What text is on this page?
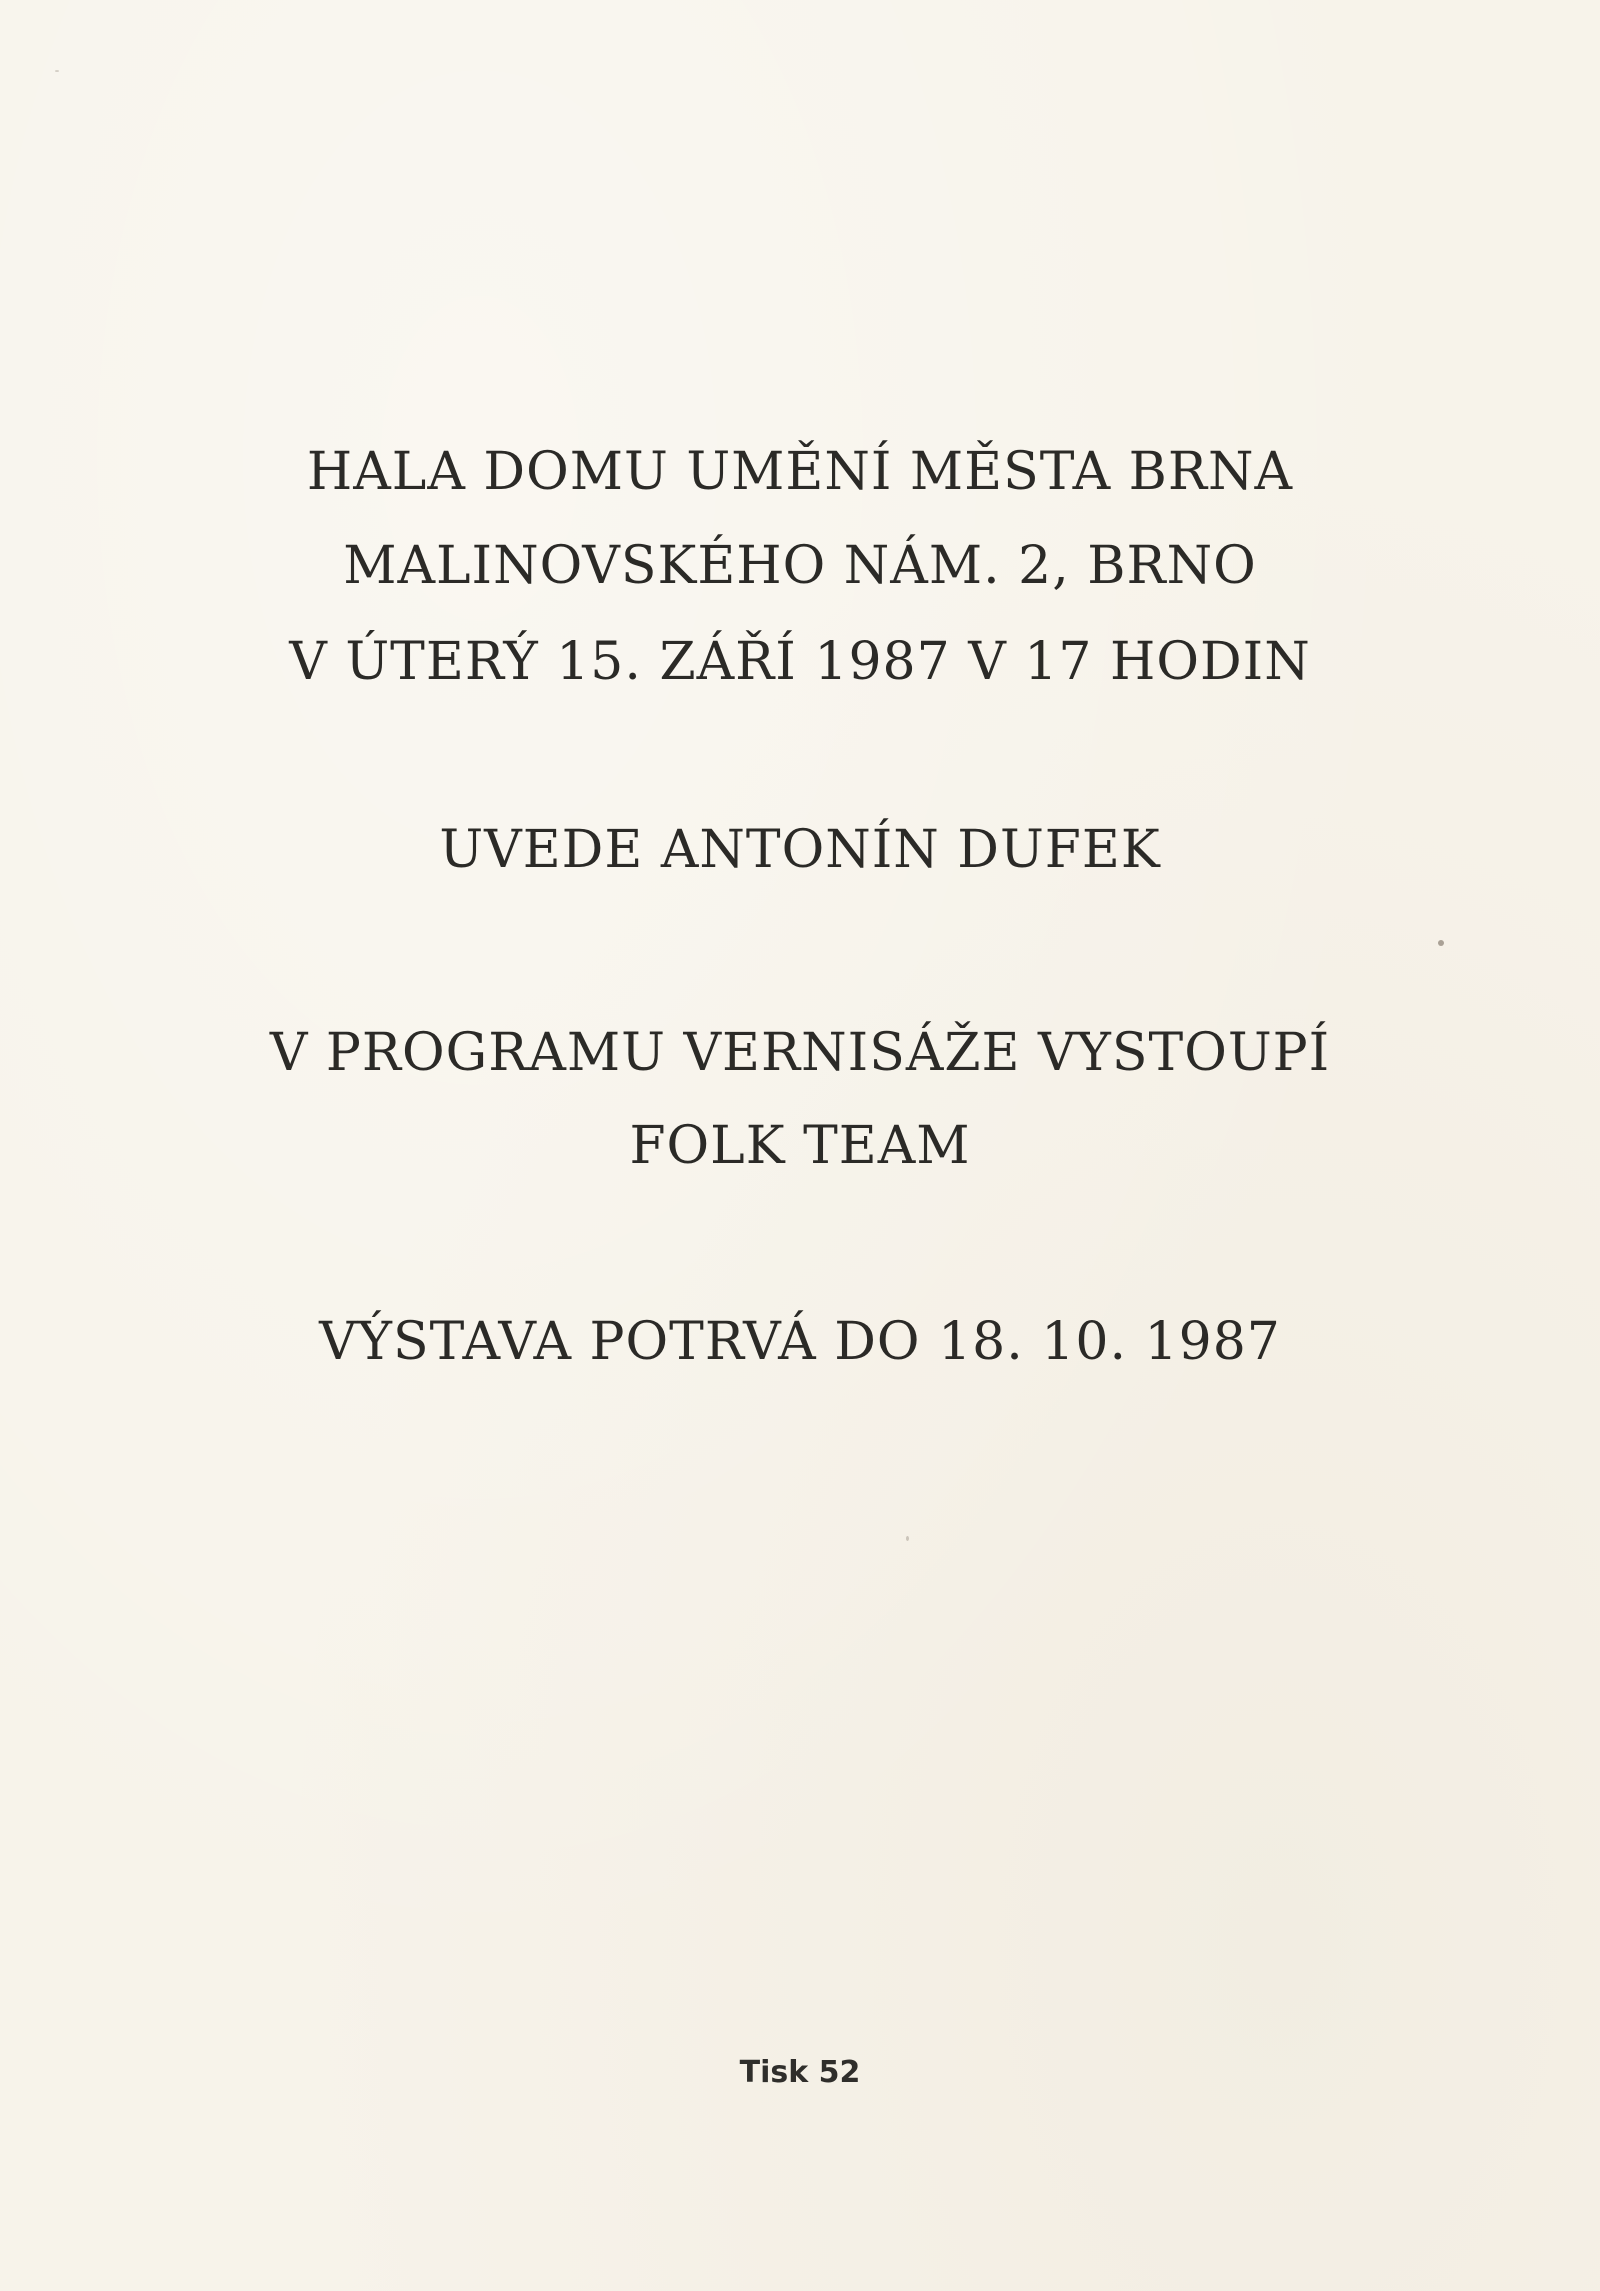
HALA DOMU UMĚNÍ MĚSTA BRNA
MALINOVSKÉHO NÁM. 2, BRNO
V ÚTERÝ 15. ZÁŘÍ 1987 V 17 HODIN
UVEDE ANTONÍN DUFEK
V PROGRAMU VERNISÁŽE VYSTOUPÍ
FOLK TEAM
VÝSTAVA POTRVÁ DO 18. 10. 1987
Tisk 52
